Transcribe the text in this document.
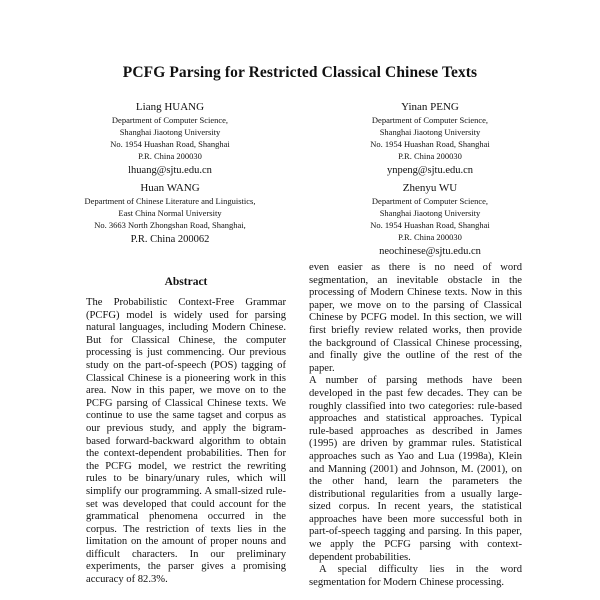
PCFG Parsing for Restricted Classical Chinese Texts
Liang HUANG
Department of Computer Science,
Shanghai Jiaotong University
No. 1954 Huashan Road, Shanghai
P.R. China 200030
lhuang@sjtu.edu.cn
Yinan PENG
Department of Computer Science,
Shanghai Jiaotong University
No. 1954 Huashan Road, Shanghai
P.R. China 200030
ynpeng@sjtu.edu.cn
Huan WANG
Department of Chinese Literature and Linguistics,
East China Normal University
No. 3663 North Zhongshan Road, Shanghai,
P.R. China 200062
Zhenyu WU
Department of Computer Science,
Shanghai Jiaotong University
No. 1954 Huashan Road, Shanghai
P.R. China 200030
neochinese@sjtu.edu.cn
Abstract

The Probabilistic Context-Free Grammar (PCFG) model is widely used for parsing natural languages, including Modern Chinese. But for Classical Chinese, the computer processing is just commencing. Our previous study on the part-of-speech (POS) tagging of Classical Chinese is a pioneering work in this area. Now in this paper, we move on to the PCFG parsing of Classical Chinese texts. We continue to use the same tagset and corpus as our previous study, and apply the bigram-based forward-backward algorithm to obtain the context-dependent probabilities. Then for the PCFG model, we restrict the rewriting rules to be binary/unary rules, which will simplify our programming. A small-sized rule-set was developed that could account for the grammatical phenomena occurred in the corpus. The restriction of texts lies in the limitation on the amount of proper nouns and difficult characters. In our preliminary experiments, the parser gives a promising accuracy of 82.3%.

even easier as there is no need of word segmentation, an inevitable obstacle in the processing of Modern Chinese texts. Now in this paper, we move on to the parsing of Classical Chinese by PCFG model. In this section, we will first briefly review related works, then provide the background of Classical Chinese processing, and finally give the outline of the rest of the paper.

A number of parsing methods have been developed in the past few decades. They can be roughly classified into two categories: rule-based approaches and statistical approaches. Typical rule-based approaches as described in James (1995) are driven by grammar rules. Statistical approaches such as Yao and Lua (1998a), Klein and Manning (2001) and Johnson, M. (2001), on the other hand, learn the parameters the distributional regularities from a usually large-sized corpus. In recent years, the statistical approaches have been more successful both in part-of-speech tagging and parsing. In this paper, we apply the PCFG parsing with context-dependent probabilities.

A special difficulty lies in the word segmentation for Modern Chinese processing.
